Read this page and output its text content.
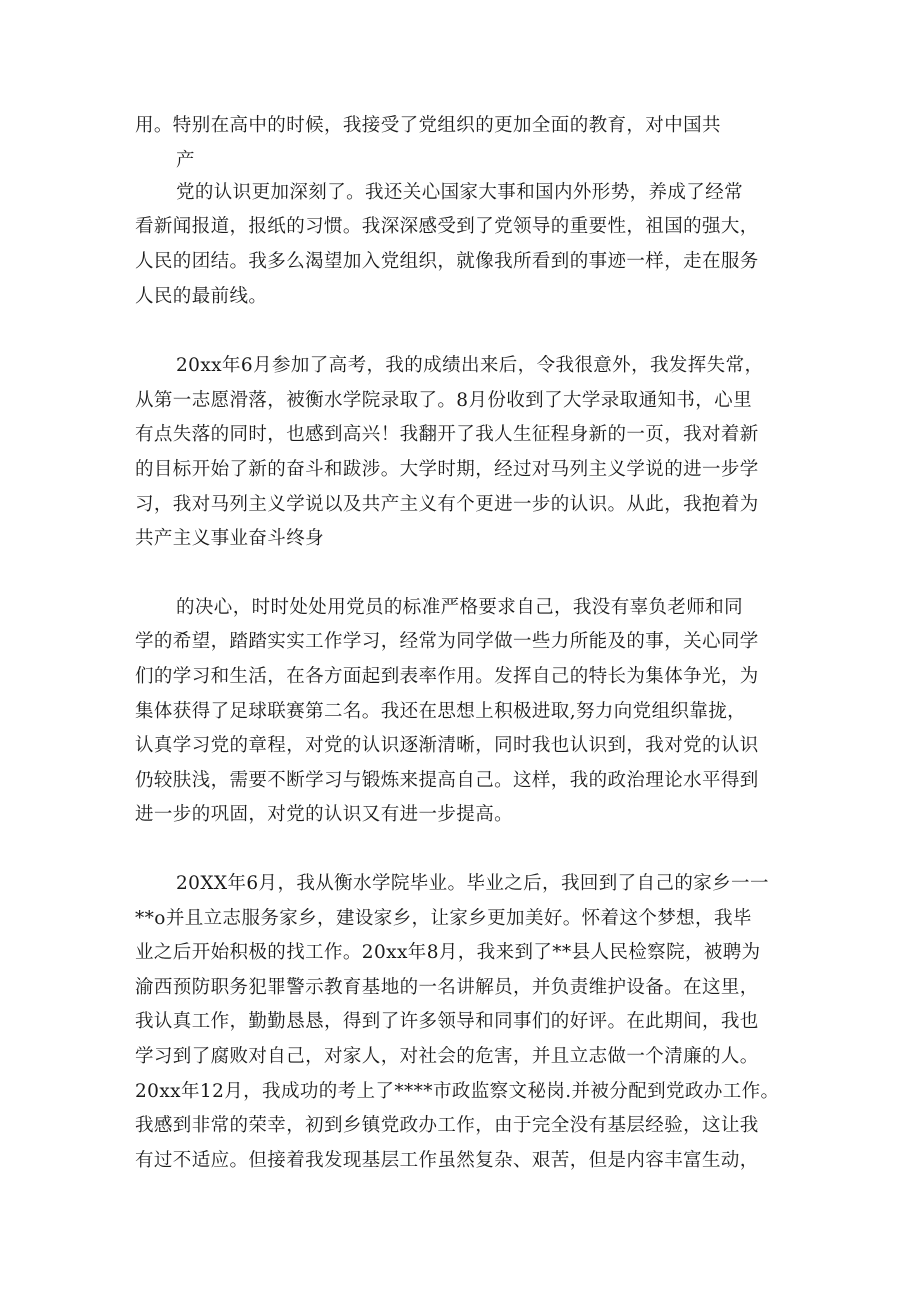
用。特别在高中的时候，我接受了党组织的更加全面的教育，对中国共
产
党的认识更加深刻了。我还关心国家大事和国内外形势，养成了经常
看新闻报道，报纸的习惯。我深深感受到了党领导的重要性，祖国的强大，
人民的团结。我多么渴望加入党组织，就像我所看到的事迹一样，走在服务
人民的最前线。
20xx年6月参加了高考，我的成绩出来后，令我很意外，我发挥失常，
从第一志愿滑落，被衡水学院录取了。8月份收到了大学录取通知书，心里
有点失落的同时，也感到高兴！我翻开了我人生征程身新的一页，我对着新
的目标开始了新的奋斗和跋涉。大学时期，经过对马列主义学说的进一步学
习，我对马列主义学说以及共产主义有个更进一步的认识。从此，我抱着为
共产主义事业奋斗终身
的决心，时时处处用党员的标准严格要求自己，我没有辜负老师和同
学的希望，踏踏实实工作学习，经常为同学做一些力所能及的事，关心同学
们的学习和生活，在各方面起到表率作用。发挥自己的特长为集体争光，为
集体获得了足球联赛第二名。我还在思想上积极进取,努力向党组织靠拢，
认真学习党的章程，对党的认识逐渐清晰，同时我也认识到，我对党的认识
仍较肤浅，需要不断学习与锻炼来提高自己。这样，我的政治理论水平得到
进一步的巩固，对党的认识又有进一步提高。
20XX年6月，我从衡水学院毕业。毕业之后，我回到了自己的家乡一一
**o并且立志服务家乡，建设家乡，让家乡更加美好。怀着这个梦想，我毕
业之后开始积极的找工作。20xx年8月，我来到了**县人民检察院，被聘为
渝西预防职务犯罪警示教育基地的一名讲解员，并负责维护设备。在这里，
我认真工作，勤勤恳恳，得到了许多领导和同事们的好评。在此期间，我也
学习到了腐败对自己，对家人，对社会的危害，并且立志做一个清廉的人。
20xx年12月，我成功的考上了****市政监察文秘岗.并被分配到党政办工作。
我感到非常的荣幸，初到乡镇党政办工作，由于完全没有基层经验，这让我
有过不适应。但接着我发现基层工作虽然复杂、艰苦，但是内容丰富生动，
